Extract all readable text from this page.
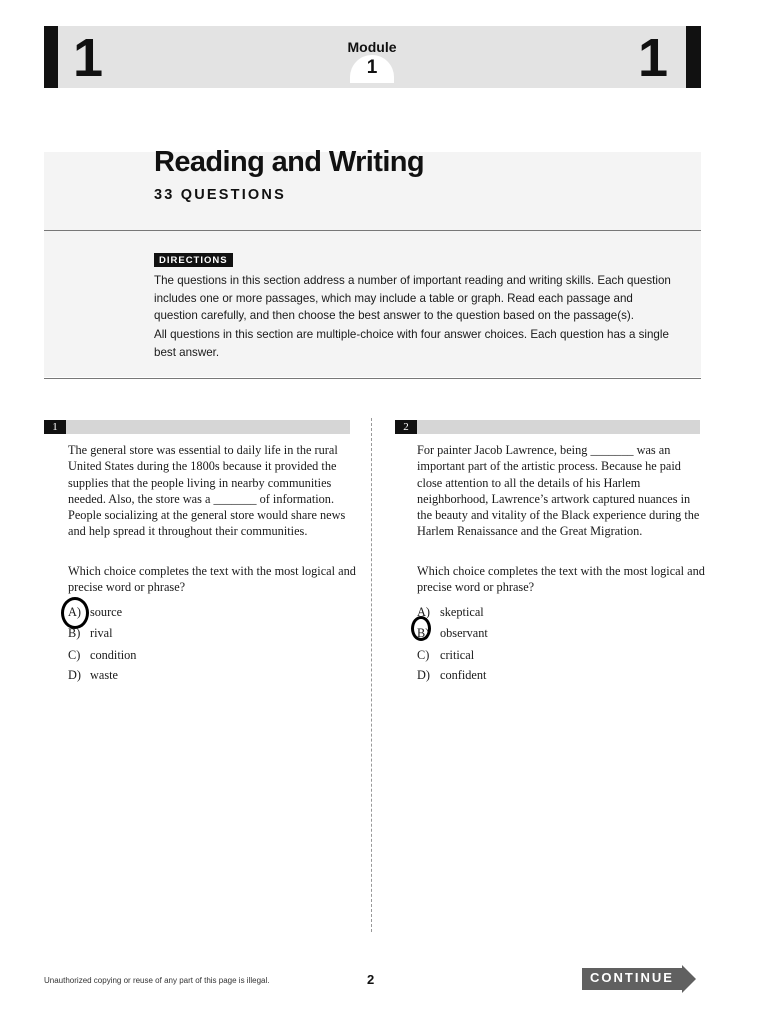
1	Module
1	1
Reading and Writing
33 QUESTIONS
DIRECTIONS

The questions in this section address a number of important reading and writing skills. Each question includes one or more passages, which may include a table or graph. Read each passage and question carefully, and then choose the best answer to the question based on the passage(s).

All questions in this section are multiple-choice with four answer choices. Each question has a single best answer.

1

The general store was essential to daily life in the rural United States during the 1800s because it provided the supplies that the people living in nearby communities needed. Also, the store was a _______ of information. People socializing at the general store would share news and help spread it throughout their communities.

Which choice completes the text with the most logical and precise word or phrase?

A) source
B) rival
C) condition
D) waste
2

For painter Jacob Lawrence, being _______ was an important part of the artistic process. Because he paid close attention to all the details of his Harlem neighborhood, Lawrence’s artwork captured nuances in the beauty and vitality of the Black experience during the Harlem Renaissance and the Great Migration.

Which choice completes the text with the most logical and precise word or phrase?

A) skeptical
B) observant
C) critical
D) confident
Unauthorized copying or reuse of any part of this page is illegal.	2	CONTINUE
